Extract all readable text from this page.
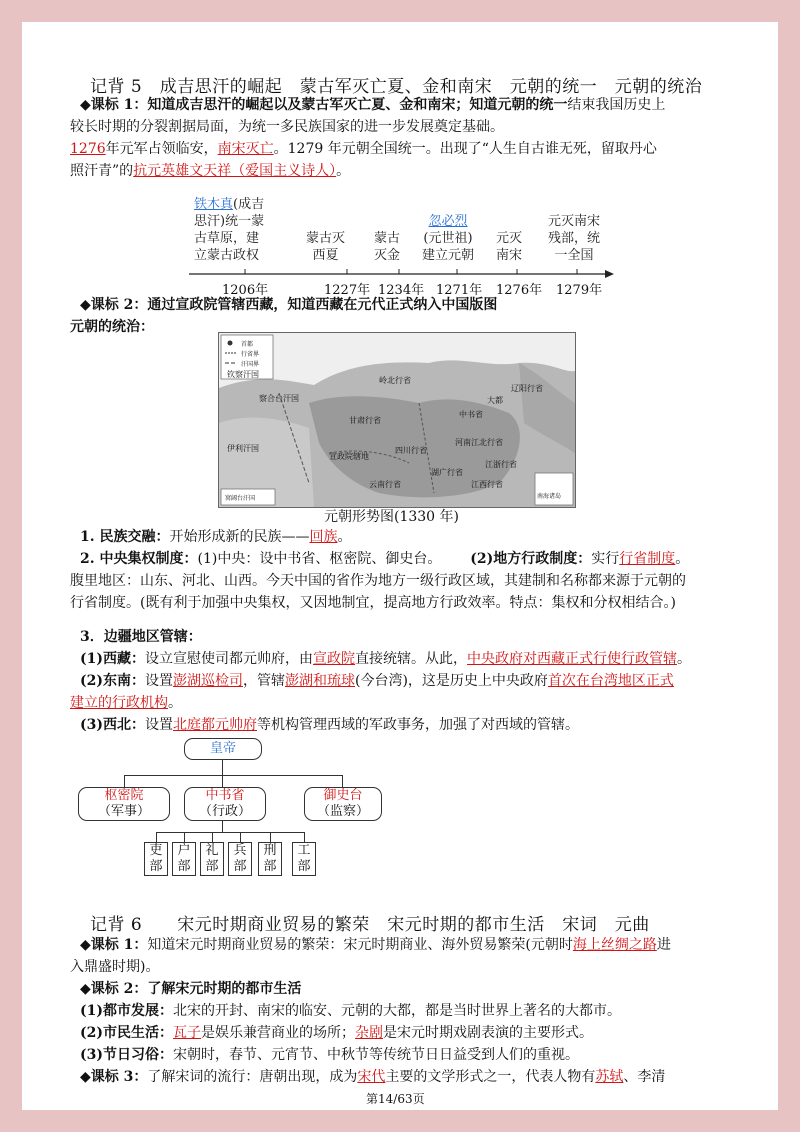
记背 5　成吉思汗的崛起　蒙古军灭亡夏、金和南宋　元朝的统一　元朝的统治
◆课标 1：知道成吉思汗的崛起以及蒙古军灭亡夏、金和南宋；知道元朝的统一结束我国历史上
较长时期的分裂割据局面，为统一多民族国家的进一步发展奠定基础。
1276年元军占领临安，南宋灭亡。1279 年元朝全国统一。出现了“人生自古谁无死，留取丹心
照汗青”的抗元英雄文天祥（爱国主义诗人）。
铁木真(成吉
思汗)统一蒙
古草原，建
立蒙古政权
蒙古灭
西夏
蒙古
灭金
忽必烈
(元世祖)
建立元朝
元灭
南宋
元灭南宋
残部，统
一全国
1206年	1227年 1234年 1271年 1276年 1279年
◆课标 2：通过宣政院管辖西藏，知道西藏在元代正式纳入中国版图
元朝的统治：
首都
行省界
汗国界
岭北行省
察合台汗国
宣政院辖地
甘肃行省
中书省
河南江北行省
辽阳行省
四川行省
湖广行省
江浙行省
云南行省	江西行省
伊利汗国
钦察汗国
大都
南海诸岛
窝阔台汗国
元朝形势图(1330 年)
1. 民族交融：开始形成新的民族——回族。
2. 中央集权制度：(1)中央：设中书省、枢密院、御史台。 (2)地方行政制度：实行行省制度。
腹里地区：山东、河北、山西。今天中国的省作为地方一级行政区域，其建制和名称都来源于元朝的
行省制度。(既有利于加强中央集权，又因地制宜，提高地方行政效率。特点：集权和分权相结合。)
3．边疆地区管辖：
(1)西藏：设立宣慰使司都元帅府，由宣政院直接统辖。从此，中央政府对西藏正式行使行政管辖。
(2)东南：设置澎湖巡检司，管辖澎湖和琉球(今台湾)，这是历史上中央政府首次在台湾地区正式
建立的行政机构。
(3)西北：设置北庭都元帅府等机构管理西域的军政事务，加强了对西域的管辖。
皇帝
枢密院
（军事）
中书省
（行政）
御史台
（监察）
吏
部
户
部
礼
部
兵
部
刑
部
工
部
记背 6　　宋元时期商业贸易的繁荣　宋元时期的都市生活　宋词　元曲
◆课标 1：知道宋元时期商业贸易的繁荣：宋元时期商业、海外贸易繁荣(元朝时海上丝绸之路进
入鼎盛时期)。
◆课标 2：了解宋元时期的都市生活
(1)都市发展：北宋的开封、南宋的临安、元朝的大都，都是当时世界上著名的大都市。
(2)市民生活：瓦子是娱乐兼营商业的场所；杂剧是宋元时期戏剧表演的主要形式。
(3)节日习俗：宋朝时，春节、元宵节、中秋节等传统节日日益受到人们的重视。
◆课标 3：了解宋词的流行：唐朝出现，成为宋代主要的文学形式之一，代表人物有苏轼、李清
第14/63页
